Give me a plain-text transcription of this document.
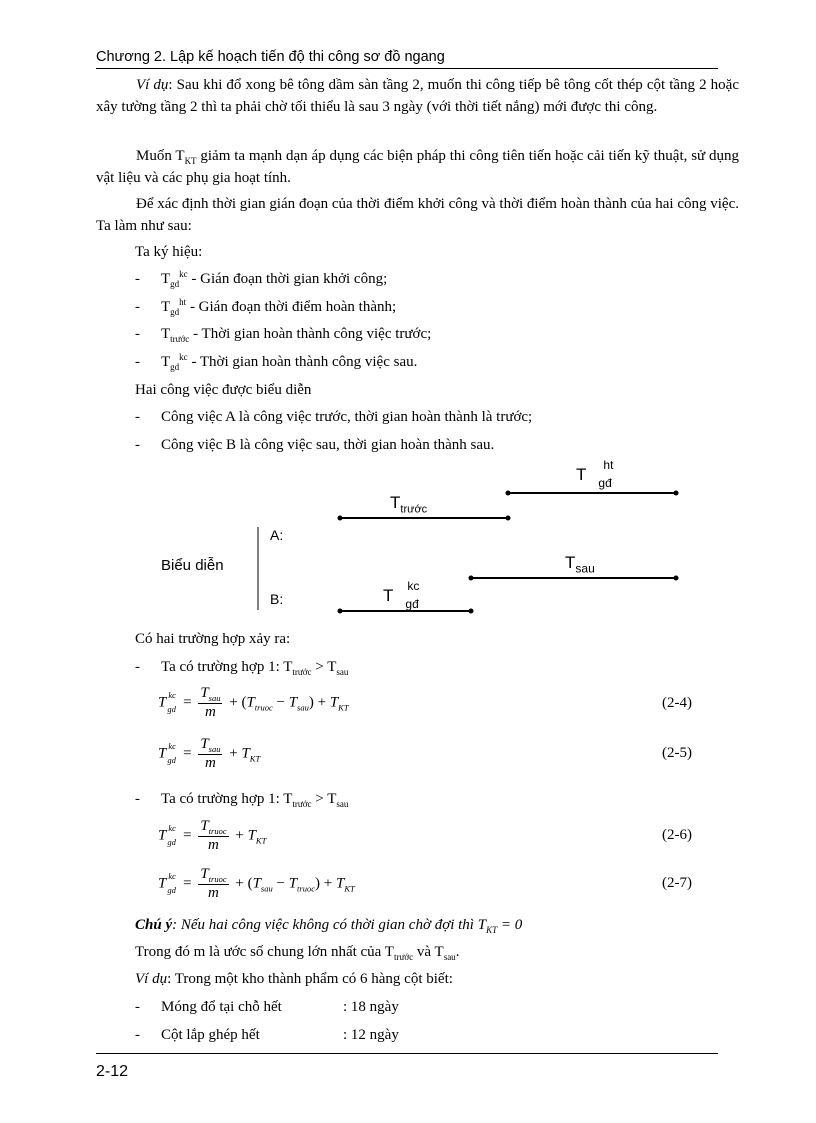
Chương 2. Lập kế hoạch tiến độ thi công sơ đồ ngang
Ví dụ: Sau khi đổ xong bê tông dầm sàn tầng 2, muốn thi công tiếp bê tông cốt thép cột tầng 2 hoặc xây tường tầng 2 thì ta phải chờ tối thiểu là sau 3 ngày (với thời tiết nắng) mới được thi công.
Muốn $T_{KT}$ giảm ta mạnh dạn áp dụng các biện pháp thi công tiên tiến hoặc cải tiến kỹ thuật, sử dụng vật liệu và các phụ gia hoạt tính.
Để xác định thời gian gián đoạn của thời điểm khởi công và thời điểm hoàn thành của hai công việc. Ta làm như sau:
Ta ký hiệu:
- $T_{gd}^{kc}$ - Gián đoạn thời gian khởi công;
- $T_{gd}^{ht}$ - Gián đoạn thời điểm hoàn thành;
- $T_{trước}$ - Thời gian hoàn thành công việc trước;
- $T_{gd}^{kc}$ - Thời gian hoàn thành công việc sau.
Hai công việc được biểu diễn
- Công việc A là công việc trước, thời gian hoàn thành là trước;
- Công việc B là công việc sau, thời gian hoàn thành sau.
Biểu diễn
A:
B:
$T_{trước}$
T ht
gđ
$T_{sau}$
T kc
gđ
Có hai trường hợp xảy ra:
- Ta có trường hợp 1: $T_{trước} > T_{sau}$
T kc
gd = $\frac{T_{sau}}{m} + (T_{truoc} - T_{sau}) + T_{KT}$	(2-4)
T kc
gd = $\frac{T_{sau}}{m} + T_{KT}$	(2-5)
- Ta có trường hợp 1: $T_{trước} > T_{sau}$
T kc
gd = $\frac{T_{truoc}}{m} + T_{KT}$	(2-6)
T kc
gd = $\frac{T_{truoc}}{m} + (T_{sau} - T_{truoc}) + T_{KT}$	(2-7)
Chú ý: Nếu hai công việc không có thời gian chờ đợi thì $T_{KT} = 0$
Trong đó m là ước số chung lớn nhất của $T_{trước}$ và $T_{sau}$.
Ví dụ: Trong một kho thành phẩm có 6 hàng cột biết:
- Móng đổ tại chỗ hết	: 18 ngày
- Cột lắp ghép hết	: 12 ngày
2-12
